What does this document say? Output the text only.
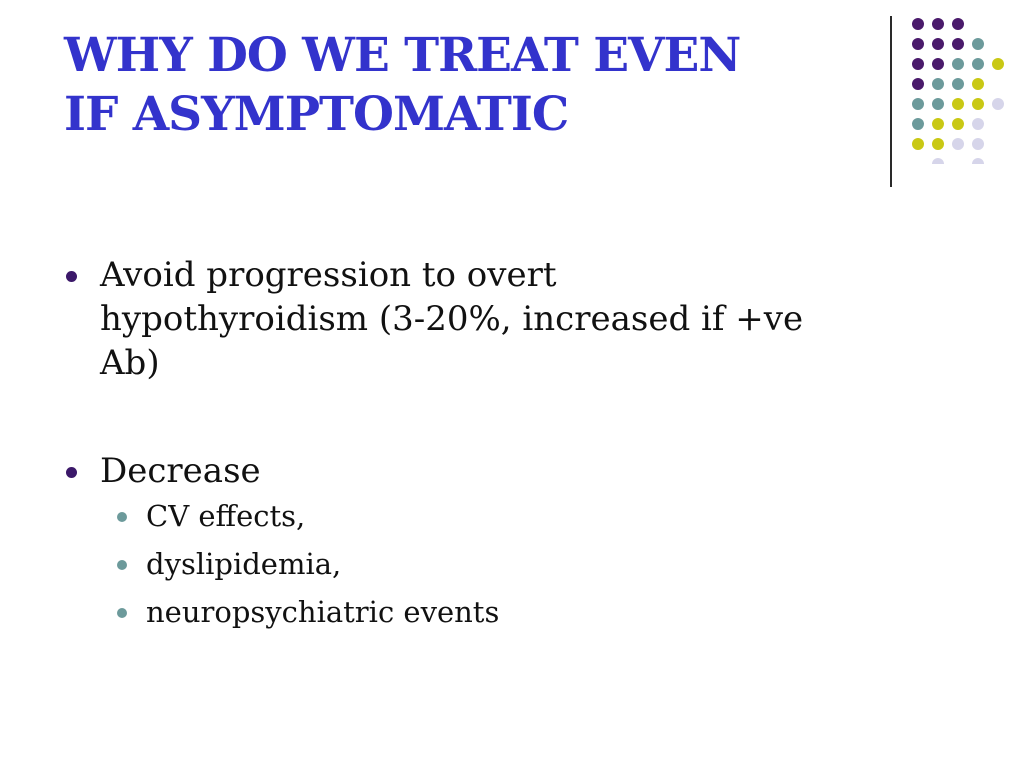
WHY DO WE TREAT EVEN
IF ASYMPTOMATIC
Avoid progression to overt
hypothyroidism (3-20%, increased if +ve
Ab)
Decrease
CV effects,
dyslipidemia,
neuropsychiatric events
